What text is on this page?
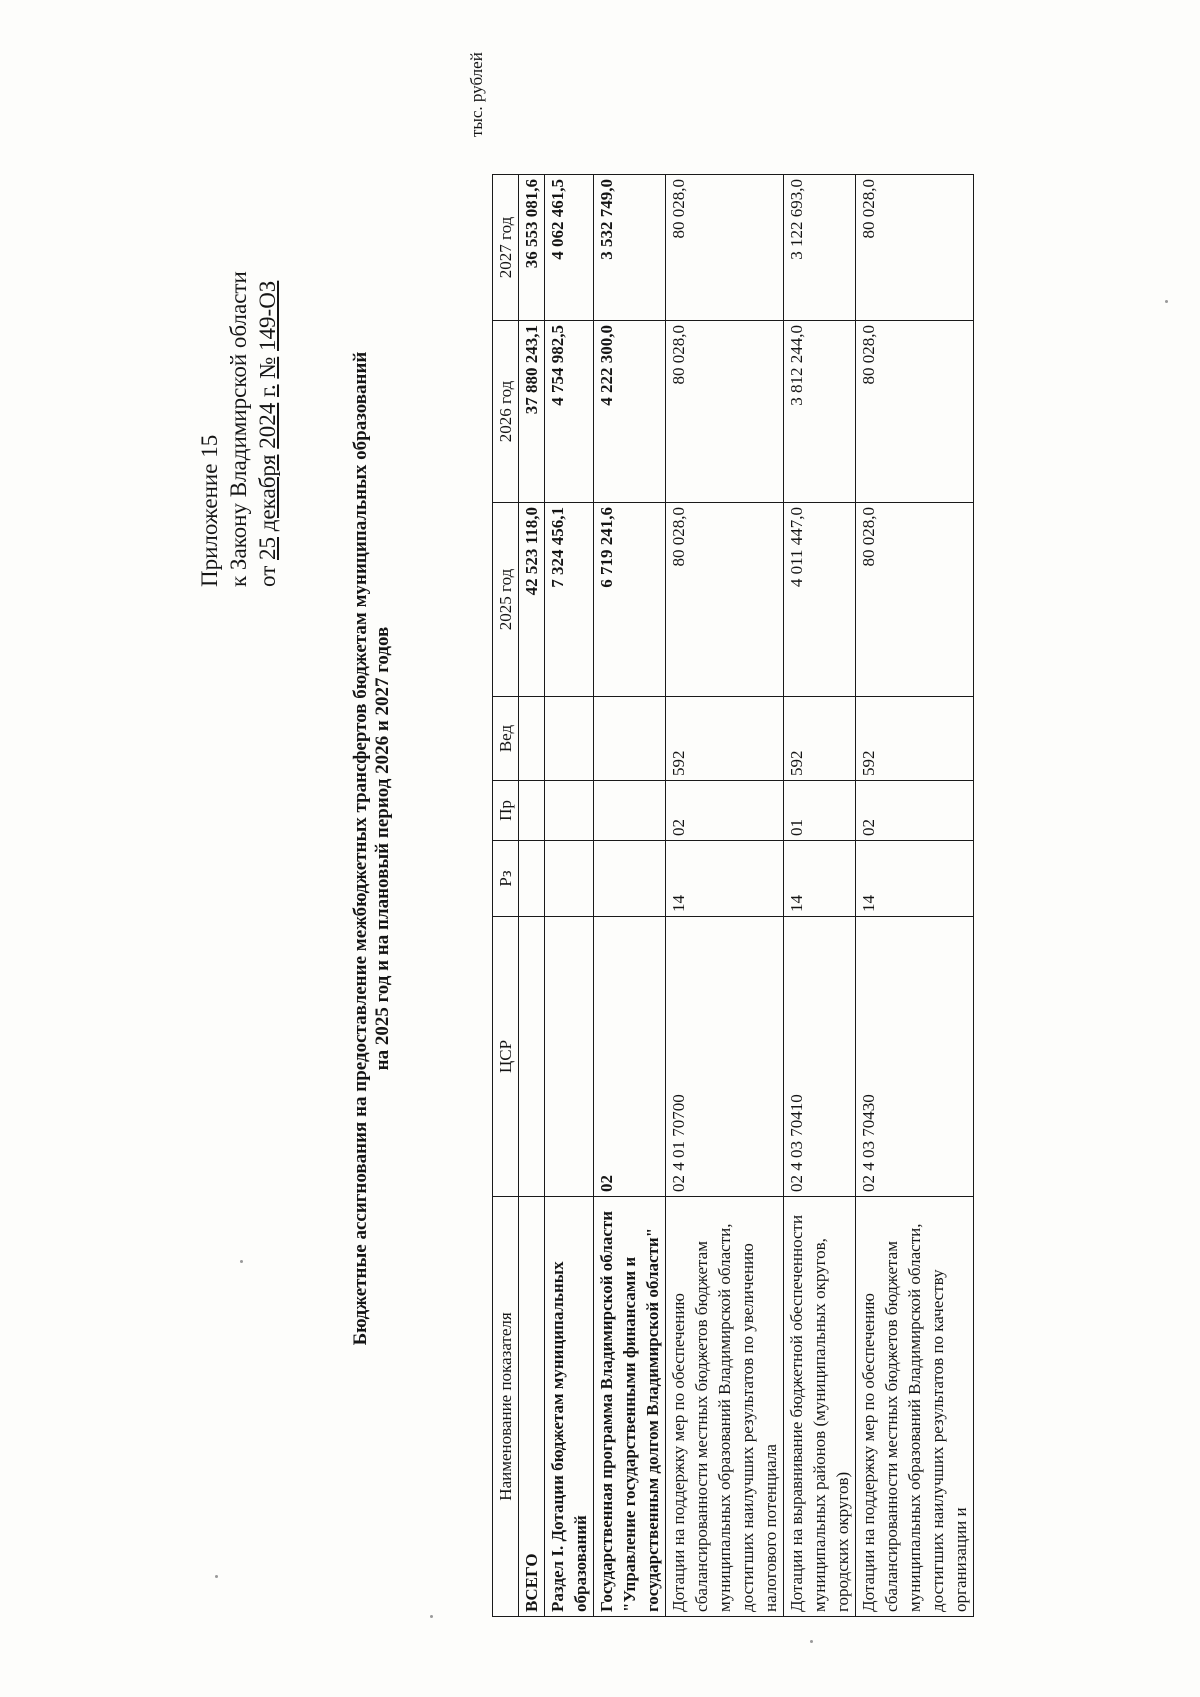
Приложение 15 к Закону Владимирской области от 25 декабря 2024 г. № 149-ОЗ
Бюджетные ассигнования на предоставление межбюджетных трансфертов бюджетам муниципальных образований на 2025 год и на плановый период 2026 и 2027 годов
тыс. рублей
Наименование показателя	ЦСР	Рз	Пр	Вед	2025 год	2026 год	2027 год
ВСЕГО					42 523 118,0	37 880 243,1	36 553 081,6
Раздел I. Дотации бюджетам муниципальных образований					7 324 456,1	4 754 982,5	4 062 461,5
Государственная программа Владимирской области "Управление государственными финансами и государственным долгом Владимирской области"	02				6 719 241,6	4 222 300,0	3 532 749,0
Дотации на поддержку мер по обеспечению сбалансированности местных бюджетов бюджетам муниципальных образований Владимирской области, достигших наилучших результатов по увеличению налогового потенциала	02 4 01 70700	14	02	592	80 028,0	80 028,0	80 028,0
Дотации на выравнивание бюджетной обеспеченности муниципальных районов (муниципальных округов, городских округов)	02 4 03 70410	14	01	592	4 011 447,0	3 812 244,0	3 122 693,0
Дотации на поддержку мер по обеспечению сбалансированности местных бюджетов бюджетам муниципальных образований Владимирской области, достигших наилучших результатов по качеству организации и	02 4 03 70430	14	02	592	80 028,0	80 028,0	80 028,0
